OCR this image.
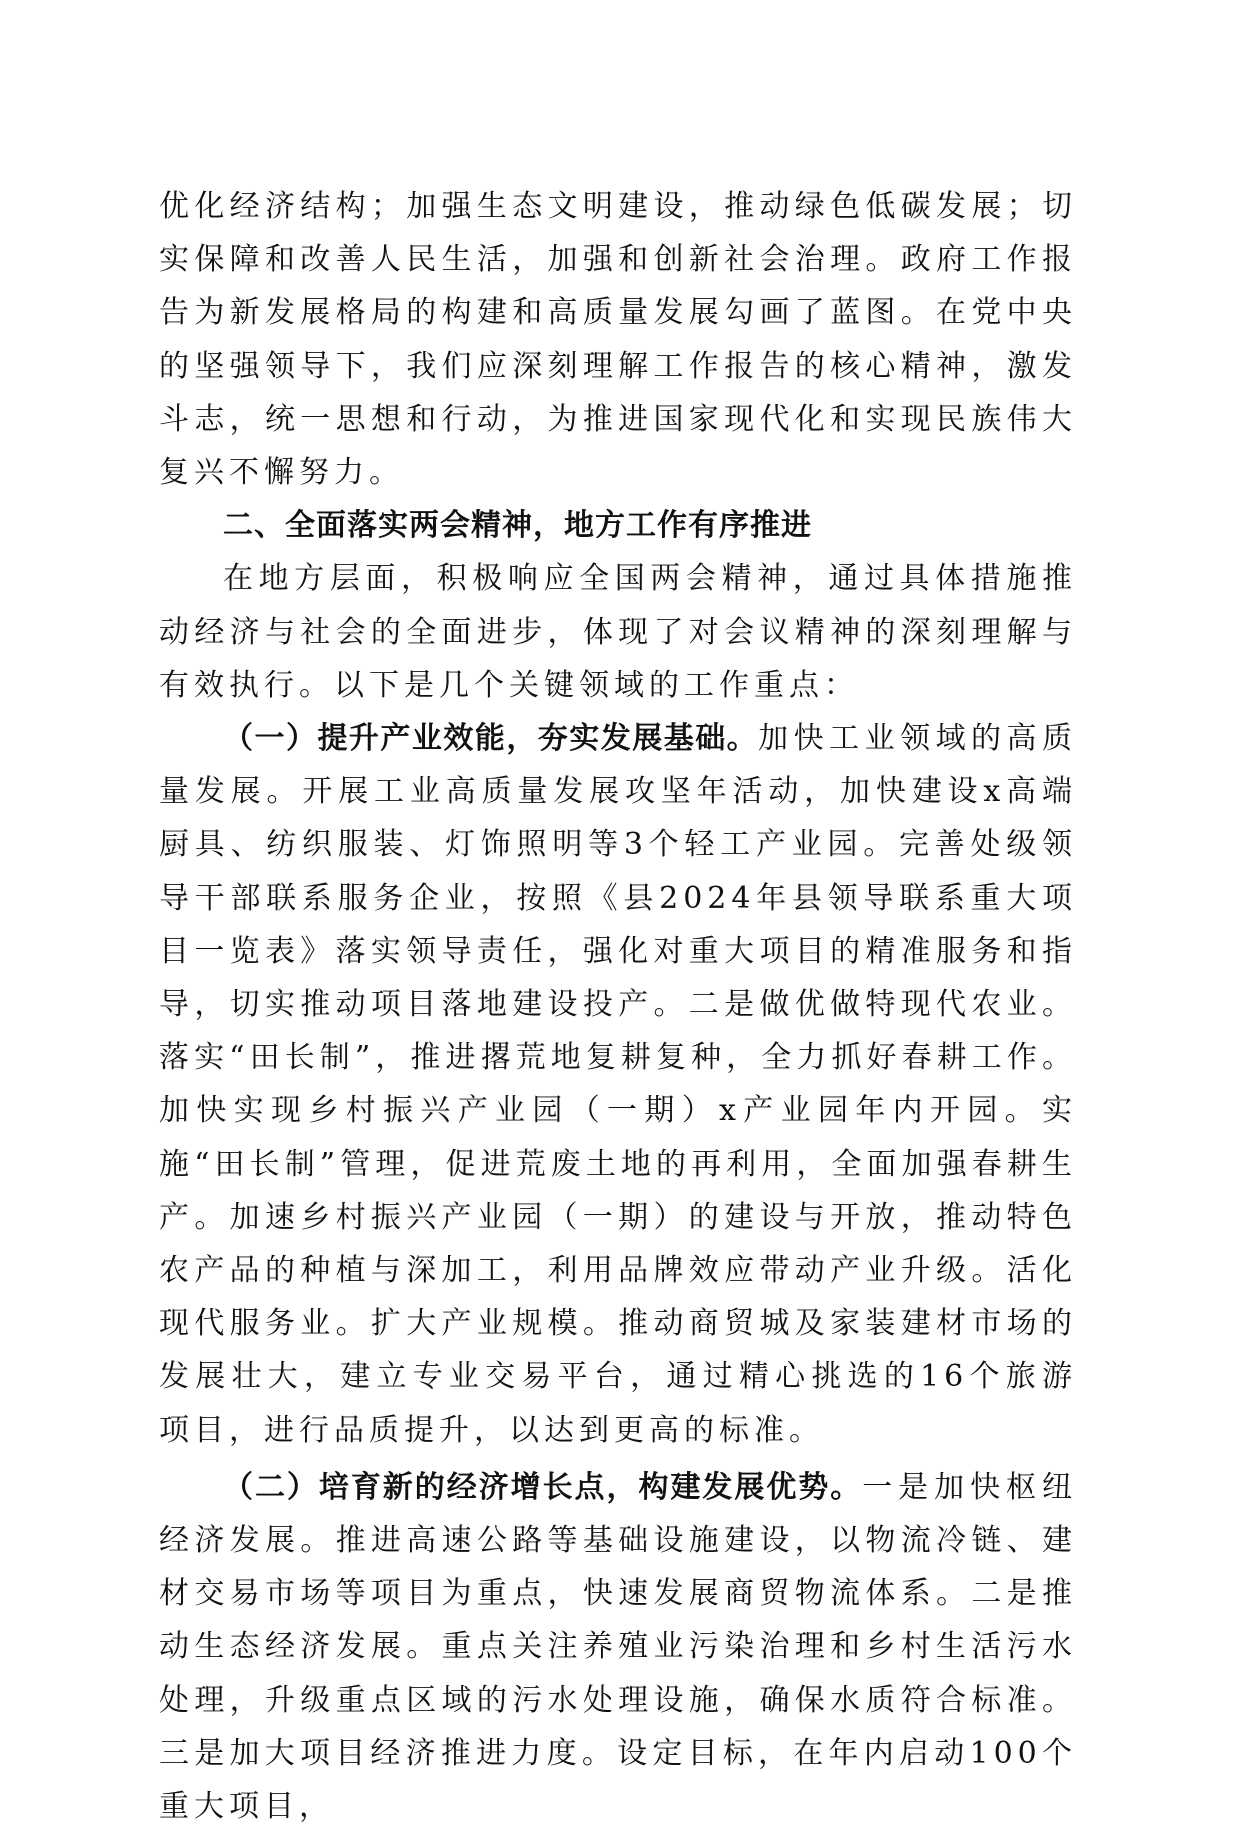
优化经济结构；加强生态文明建设，推动绿色低碳发展；切实保障和改善人民生活，加强和创新社会治理。政府工作报告为新发展格局的构建和高质量发展勾画了蓝图。在党中央的坚强领导下，我们应深刻理解工作报告的核心精神，激发斗志，统一思想和行动，为推进国家现代化和实现民族伟大复兴不懈努力。

二、全面落实两会精神，地方工作有序推进

在地方层面，积极响应全国两会精神，通过具体措施推动经济与社会的全面进步，体现了对会议精神的深刻理解与有效执行。以下是几个关键领域的工作重点：

（一）提升产业效能，夯实发展基础。加快工业领域的高质量发展。开展工业高质量发展攻坚年活动，加快建设x高端厨具、纺织服装、灯饰照明等3个轻工产业园。完善处级领导干部联系服务企业，按照《县2024年县领导联系重大项目一览表》落实领导责任，强化对重大项目的精准服务和指导，切实推动项目落地建设投产。二是做优做特现代农业。落实“田长制”，推进撂荒地复耕复种，全力抓好春耕工作。加快实现乡村振兴产业园（一期）x产业园年内开园。实施“田长制”管理，促进荒废土地的再利用，全面加强春耕生产。加速乡村振兴产业园（一期）的建设与开放，推动特色农产品的种植与深加工，利用品牌效应带动产业升级。活化现代服务业。扩大产业规模。推动商贸城及家装建材市场的发展壮大，建立专业交易平台，通过精心挑选的16个旅游项目，进行品质提升，以达到更高的标准。

（二）培育新的经济增长点，构建发展优势。一是加快枢纽经济发展。推进高速公路等基础设施建设，以物流冷链、建材交易市场等项目为重点，快速发展商贸物流体系。二是推动生态经济发展。重点关注养殖业污染治理和乡村生活污水处理，升级重点区域的污水处理设施，确保水质符合标准。三是加大项目经济推进力度。设定目标，在年内启动100个重大项目，
